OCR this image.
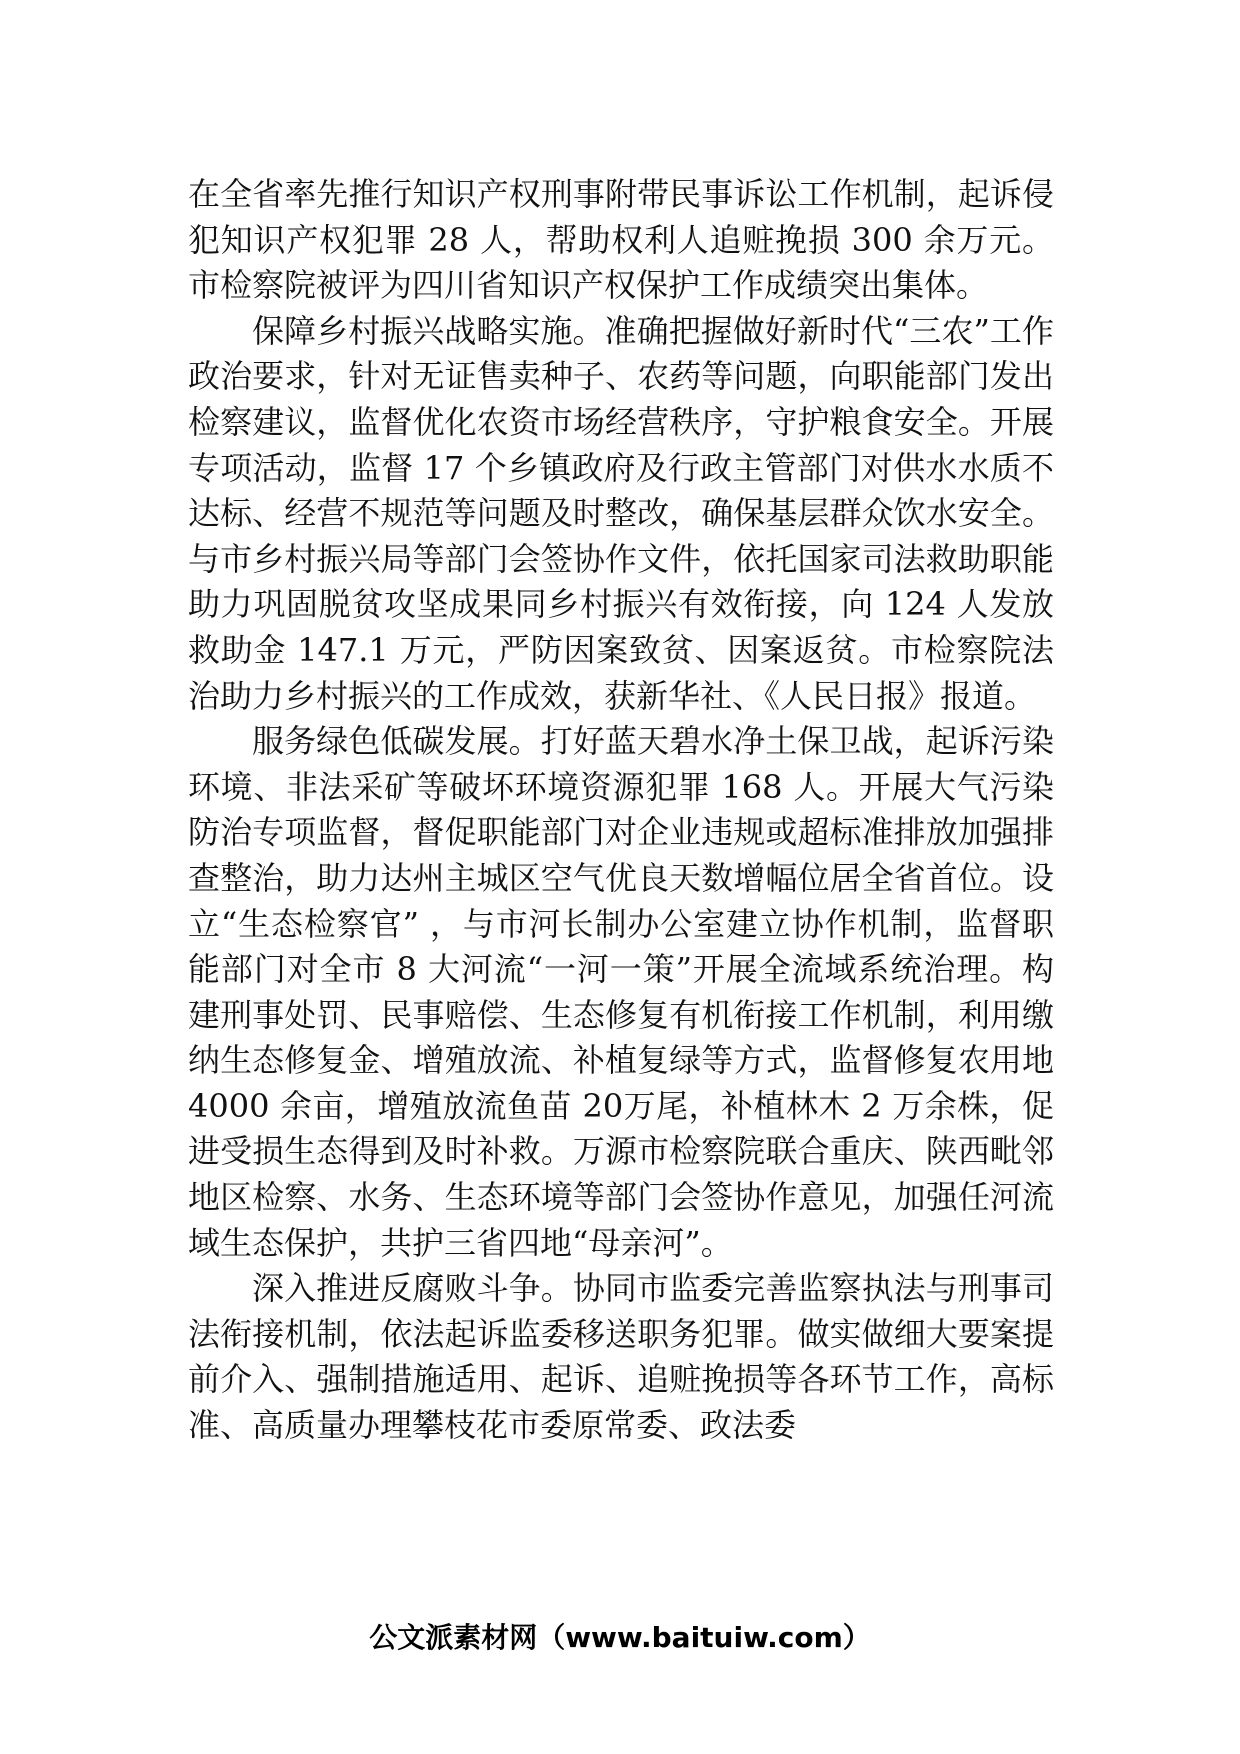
在全省率先推行知识产权刑事附带民事诉讼工作机制，起诉侵犯知识产权犯罪 28 人，帮助权利人追赃挽损 300 余万元。市检察院被评为四川省知识产权保护工作成绩突出集体。

保障乡村振兴战略实施。准确把握做好新时代“三农”工作政治要求，针对无证售卖种子、农药等问题，向职能部门发出检察建议，监督优化农资市场经营秩序，守护粮食安全。开展专项活动，监督 17 个乡镇政府及行政主管部门对供水水质不达标、经营不规范等问题及时整改，确保基层群众饮水安全。与市乡村振兴局等部门会签协作文件，依托国家司法救助职能助力巩固脱贫攻坚成果同乡村振兴有效衔接，向 124 人发放救助金 147.1 万元，严防因案致贫、因案返贫。市检察院法治助力乡村振兴的工作成效，获新华社、《人民日报》报道。

服务绿色低碳发展。打好蓝天碧水净土保卫战，起诉污染环境、非法采矿等破坏环境资源犯罪 168 人。开展大气污染防治专项监督，督促职能部门对企业违规或超标准排放加强排查整治，助力达州主城区空气优良天数增幅位居全省首位。设立“生态检察官” ，与市河长制办公室建立协作机制，监督职能部门对全市 8 大河流“一河一策”开展全流域系统治理。构建刑事处罚、民事赔偿、生态修复有机衔接工作机制，利用缴纳生态修复金、增殖放流、补植复绿等方式，监督修复农用地 4000 余亩，增殖放流鱼苗 20万尾，补植林木 2 万余株，促进受损生态得到及时补救。万源市检察院联合重庆、陕西毗邻地区检察、水务、生态环境等部门会签协作意见，加强任河流域生态保护，共护三省四地“母亲河”。

深入推进反腐败斗争。协同市监委完善监察执法与刑事司法衔接机制，依法起诉监委移送职务犯罪。做实做细大要案提前介入、强制措施适用、起诉、追赃挽损等各环节工作，高标准、高质量办理攀枝花市委原常委、政法委

公文派素材网（www.baituiw.com）
